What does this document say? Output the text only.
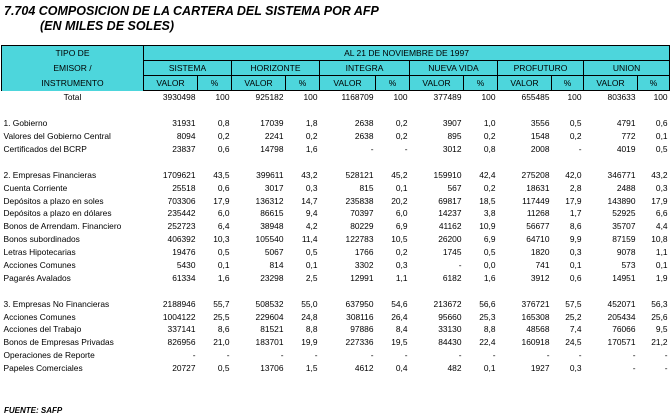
7.704 COMPOSICION DE LA CARTERA DEL SISTEMA POR AFP
(EN MILES DE SOLES)
TIPO DE	AL 21 DE NOVIEMBRE DE 1997											
EMISOR /	SISTEMA		HORIZONTE		INTEGRA		NUEVA VIDA		PROFUTURO		UNION	
INSTRUMENTO	VALOR	%	VALOR	%	VALOR	%	VALOR	%	VALOR	%	VALOR	%
Total	3930498	100	925182	100	1168709	100	377489	100	655485	100	803633	100

1. Gobierno	31931	0,8	17039	1,8	2638	0,2	3907	1,0	3556	0,5	4791	0,6
Valores del Gobierno Central	8094	0,2	2241	0,2	2638	0,2	895	0,2	1548	0,2	772	0,1
Certificados del BCRP	23837	0,6	14798	1,6	-	-	3012	0,8	2008	-	4019	0,5

2. Empresas Financieras	1709621	43,5	399611	43,2	528121	45,2	159910	42,4	275208	42,0	346771	43,2
Cuenta Corriente	25518	0,6	3017	0,3	815	0,1	567	0,2	18631	2,8	2488	0,3
Depósitos a plazo en soles	703306	17,9	136312	14,7	235838	20,2	69817	18,5	117449	17,9	143890	17,9
Depósitos a plazo en dólares	235442	6,0	86615	9,4	70397	6,0	14237	3,8	11268	1,7	52925	6,6
Bonos de Arrendam. Financiero	252723	6,4	38948	4,2	80229	6,9	41162	10,9	56677	8,6	35707	4,4
Bonos subordinados	406392	10,3	105540	11,4	122783	10,5	26200	6,9	64710	9,9	87159	10,8
Letras Hipotecarias	19476	0,5	5067	0,5	1766	0,2	1745	0,5	1820	0,3	9078	1,1
Acciones Comunes	5430	0,1	814	0,1	3302	0,3	-	0,0	741	0,1	573	0,1
Pagarés Avalados	61334	1,6	23298	2,5	12991	1,1	6182	1,6	3912	0,6	14951	1,9

3. Empresas No Financieras	2188946	55,7	508532	55,0	637950	54,6	213672	56,6	376721	57,5	452071	56,3
Acciones Comunes	1004122	25,5	229604	24,8	308116	26,4	95660	25,3	165308	25,2	205434	25,6
Acciones del Trabajo	337141	8,6	81521	8,8	97886	8,4	33130	8,8	48568	7,4	76066	9,5
Bonos de Empresas Privadas	826956	21,0	183701	19,9	227336	19,5	84430	22,4	160918	24,5	170571	21,2
Operaciones de Reporte	-	-	-	-	-	-	-	-	-	-	-	-
Papeles Comerciales	20727	0,5	13706	1,5	4612	0,4	482	0,1	1927	0,3	-	-
FUENTE: SAFP
